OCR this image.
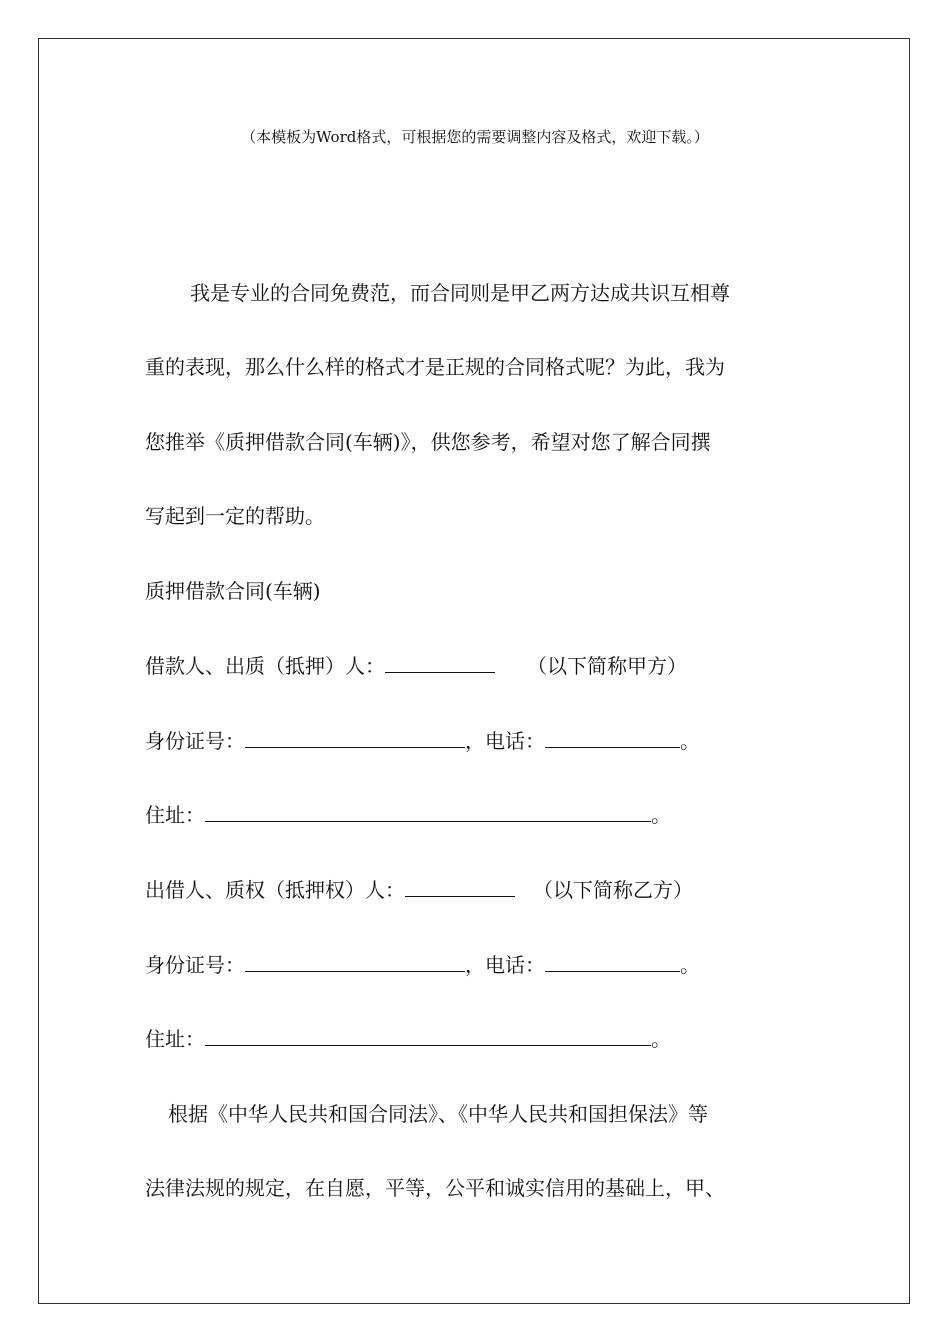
（本模板为Word格式，可根据您的需要调整内容及格式，欢迎下载。）
我是专业的合同免费范，而合同则是甲乙两方达成共识互相尊
重的表现，那么什么样的格式才是正规的合同格式呢？为此，我为
您推举《质押借款合同(车辆)》，供您参考，希望对您了解合同撰
写起到一定的帮助。
质押借款合同(车辆)
借款人、出质（抵押）人：	（以下简称甲方）
身份证号：	，电话：	。
住址：	。
出借人、质权（抵押权）人：	（以下简称乙方）
身份证号：	，电话：	。
住址：	。
根据《中华人民共和国合同法》、《中华人民共和国担保法》等
法律法规的规定，在自愿，平等，公平和诚实信用的基础上，甲、
